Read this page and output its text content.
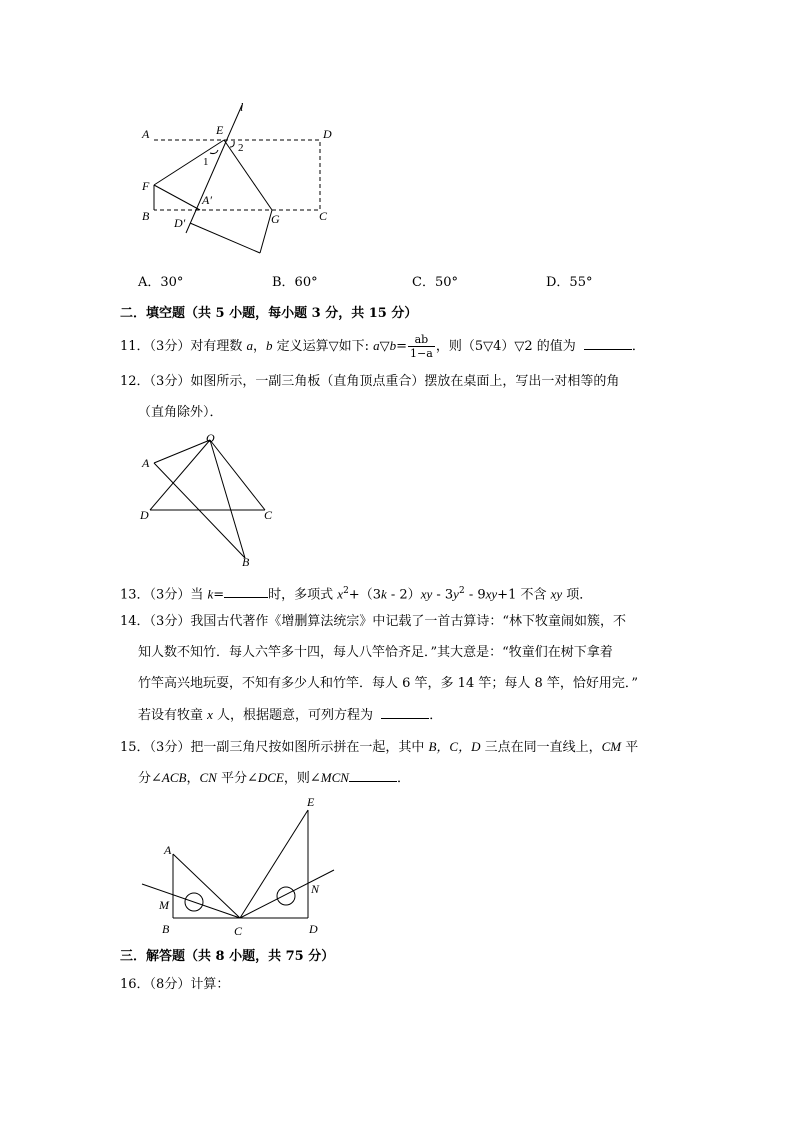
l
A	E	D
1
2
F
A′
B D′	G	C
A．30°	B．60°	C．50°	D．55°
二．填空题（共 5 小题，每小题 3 分，共 15 分）
11．（3分）对有理数 a，b 定义运算▽如下: a▽b= $\frac{ab}{1-a}$ ，则（5▽4）▽2 的值为	．
12．（3分）如图所示，一副三角板（直角顶点重合）摆放在桌面上，写出一对相等的角
（直角除外）．
O
A
D	C
B
13．（3分）当 k=	时，多项式 $x^2+(3k - 2)xy - 3y^2 - 9xy+1$ 不含 xy 项．
14．（3分）我国古代著作《增删算法统宗》中记载了一首古算诗：“林下牧童闹如簇，不
知人数不知竹．每人六竿多十四，每人八竿恰齐足．”其大意是：“牧童们在树下拿着
竹竿高兴地玩耍，不知有多少人和竹竿．每人 6 竿，多 14 竿；每人 8 竿，恰好用完．”
若设有牧童 x 人，根据题意，可列方程为	．
15．（3分）把一副三角尺按如图所示拼在一起，其中 B，C，D 三点在同一直线上，CM 平
分∠ACB，CN 平分∠DCE，则∠MCN	．
E
A
N
M
B	C	D
三．解答题（共 8 小题，共 75 分）
16．（8分）计算：
